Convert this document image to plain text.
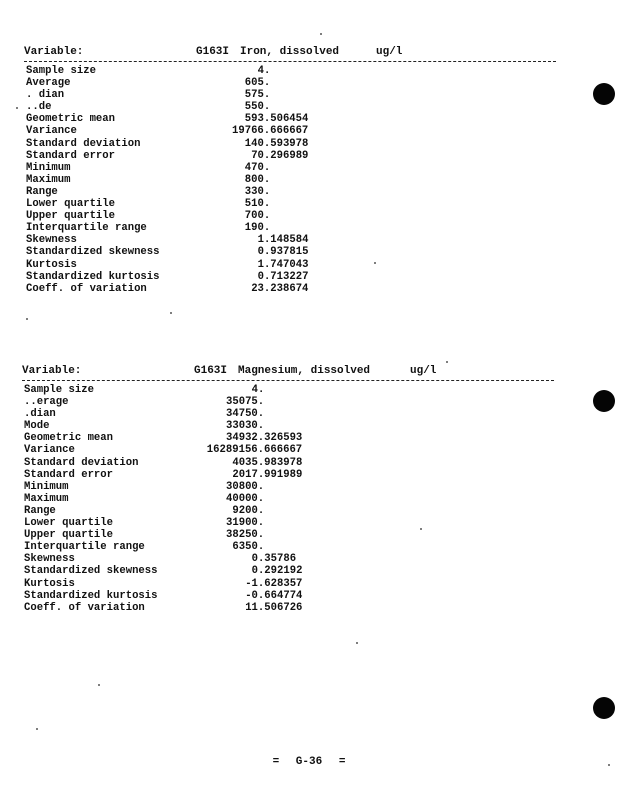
Variable:

	G163I

Iron, dissolved

	ug/l

Sample size	4.
Average	605.
. dian	575.
..de	550.
Geometric mean	593.506454
Variance	19766.666667
Standard deviation	140.593978
Standard error	70.296989
Minimum	470.
Maximum	800.
Range	330.
Lower quartile	510.
Upper quartile	700.
Interquartile range	190.
Skewness	1.148584
Standardized skewness	0.937815
Kurtosis	1.747043
Standardized kurtosis	0.713227
Coeff. of variation	23.238674

Variable:

	G163I

Magnesium, dissolved

	ug/l

Sample size	4.
..erage	35075.
.dian	34750.
Mode	33030.
Geometric mean	34932.326593
Variance	16289156.666667
Standard deviation	4035.983978
Standard error	2017.991989
Minimum	30800.
Maximum	40000.
Range	9200.
Lower quartile	31900.
Upper quartile	38250.
Interquartile range	6350.
Skewness	0.35786
Standardized skewness	0.292192
Kurtosis	-1.628357
Standardized kurtosis	-0.664774
Coeff. of variation	11.506726
= G-36 =
